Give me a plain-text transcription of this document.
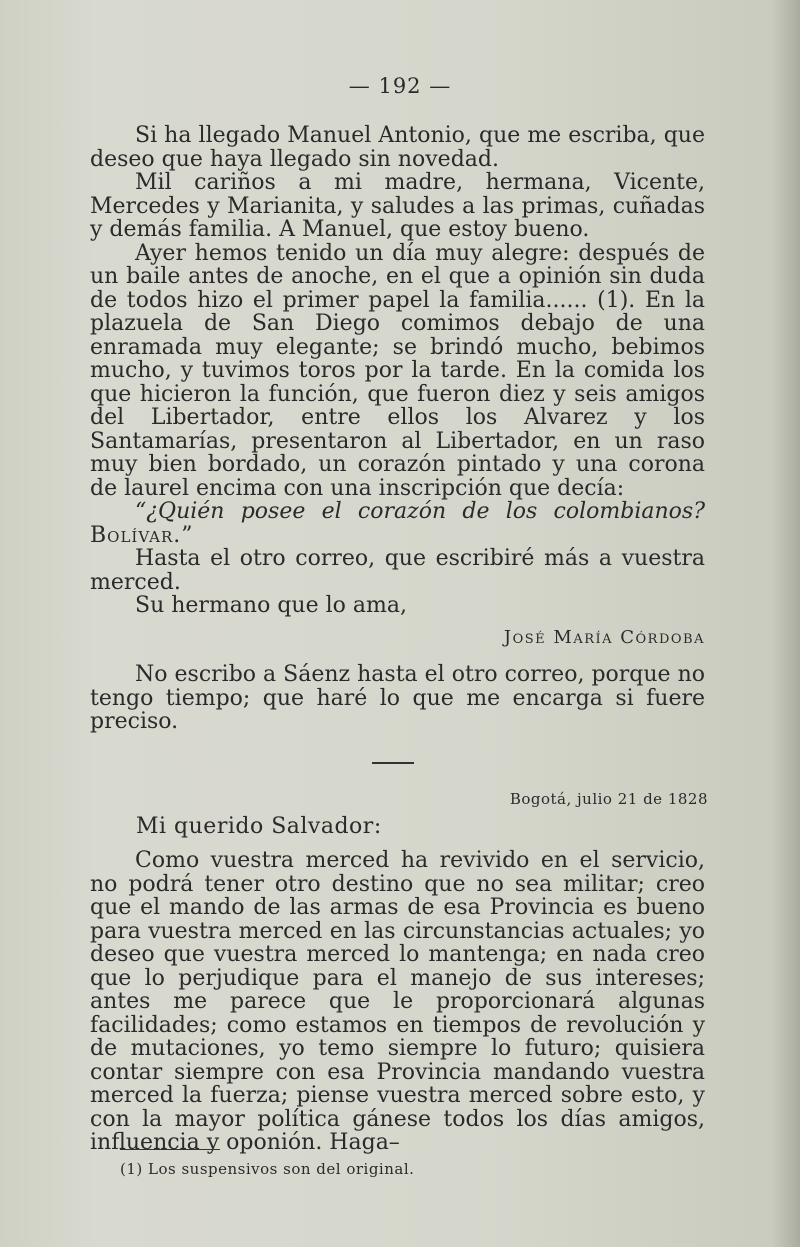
— 192 —

Si ha llegado Manuel Antonio, que me escriba, que deseo que haya llegado sin novedad.

Mil cariños a mi madre, hermana, Vicente, Mercedes y Marianita, y saludes a las primas, cuñadas y demás familia. A Manuel, que estoy bueno.

Ayer hemos tenido un día muy alegre: después de un baile antes de anoche, en el que a opinión sin duda de todos hizo el primer papel la familia...... (1). En la plazuela de San Diego comimos debajo de una enramada muy elegante; se brindó mucho, bebimos mucho, y tuvimos toros por la tarde. En la comida los que hicieron la función, que fueron diez y seis amigos del Libertador, entre ellos los Alvarez y los Santamarías, presentaron al Libertador, en un raso muy bien bordado, un corazón pintado y una corona de laurel encima con una inscripción que decía:

“¿Quién posee el corazón de los colombianos? Bolívar.”

Hasta el otro correo, que escribiré más a vuestra merced.

Su hermano que lo ama,

José María Córdoba

No escribo a Sáenz hasta el otro correo, porque no tengo tiempo; que haré lo que me encarga si fuere preciso.

Bogotá, julio 21 de 1828
Mi querido Salvador:

Como vuestra merced ha revivido en el servicio, no podrá tener otro destino que no sea militar; creo que el mando de las armas de esa Provincia es bueno para vuestra merced en las circunstancias actuales; yo deseo que vuestra merced lo mantenga; en nada creo que lo perjudique para el manejo de sus intereses; antes me parece que le proporcionará algunas facilidades; como estamos en tiempos de revolución y de mutaciones, yo temo siempre lo futuro; quisiera contar siempre con esa Provincia mandando vuestra merced la fuerza; piense vuestra merced sobre esto, y con la mayor política gánese todos los días amigos, influencia y oponión. Haga–

(1) Los suspensivos son del original.
